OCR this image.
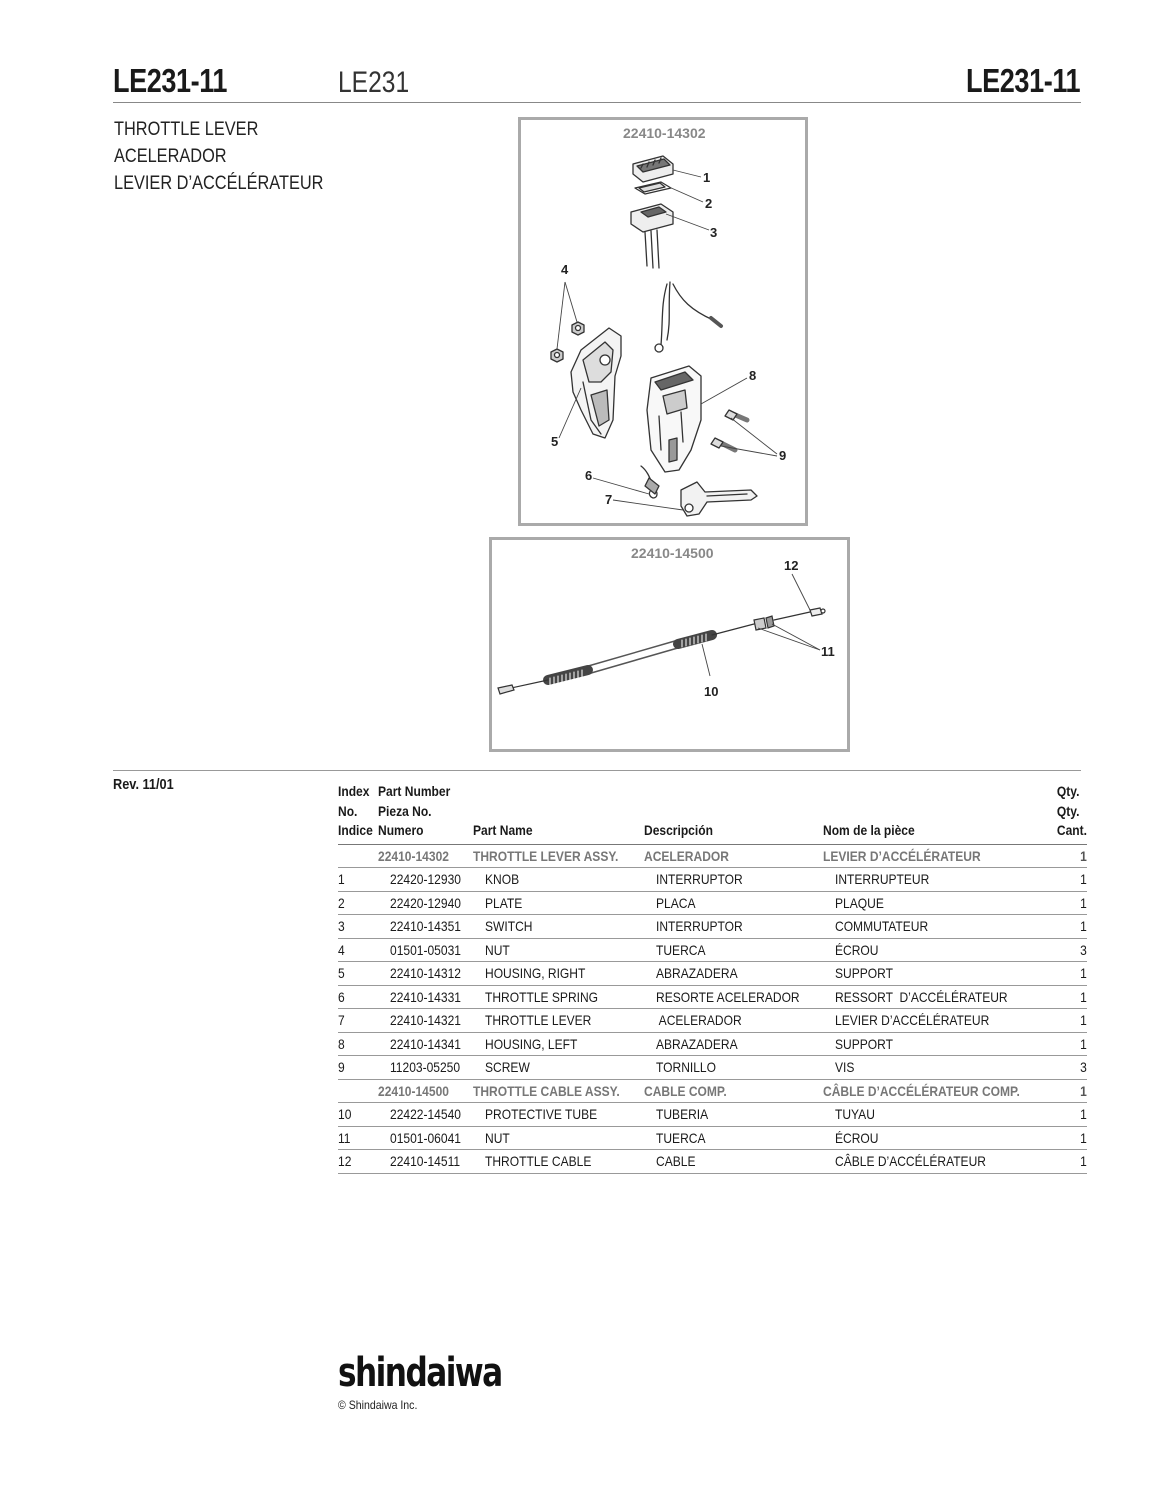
LE231-11	LE231	LE231-11
THROTTLE LEVER
ACELERADOR
LEVIER D’ACCÉLÉRATEUR	1
2
3
4
5
6
7
8
9
22410-14302
12
11
10
22410-14500
Rev. 11/01	Index
No.
Indice	Part Number
Pieza No.
Numero	Part Name	Descripción	Nom de la pièce	Qty.
Qty.
Cant.
	22410-14302	THROTTLE LEVER ASSY.	ACELERADOR	LEVIER D’ACCÉLÉRATEUR	1
1	22420-12930	KNOB	INTERRUPTOR	INTERRUPTEUR	1
2	22420-12940	PLATE	PLACA	PLAQUE	1
3	22410-14351	SWITCH	INTERRUPTOR	COMMUTATEUR	1
4	01501-05031	NUT	TUERCA	ÉCROU	3
5	22410-14312	HOUSING, RIGHT	ABRAZADERA	SUPPORT	1
6	22410-14331	THROTTLE SPRING	RESORTE ACELERADOR	RESSORT  D’ACCÉLÉRATEUR	1
7	22410-14321	THROTTLE LEVER	ACELERADOR	LEVIER D’ACCÉLÉRATEUR	1
8	22410-14341	HOUSING, LEFT	ABRAZADERA	SUPPORT	1
9	11203-05250	SCREW	TORNILLO	VIS	3
	22410-14500	THROTTLE CABLE ASSY.	CABLE COMP.	CÂBLE D’ACCÉLÉRATEUR COMP.	1
10	22422-14540	PROTECTIVE TUBE	TUBERIA	TUYAU	1
11	01501-06041	NUT	TUERCA	ÉCROU	1
12	22410-14511	THROTTLE CABLE	CABLE	CÂBLE D’ACCÉLÉRATEUR	1
shindaiwa
© Shindaiwa Inc.
